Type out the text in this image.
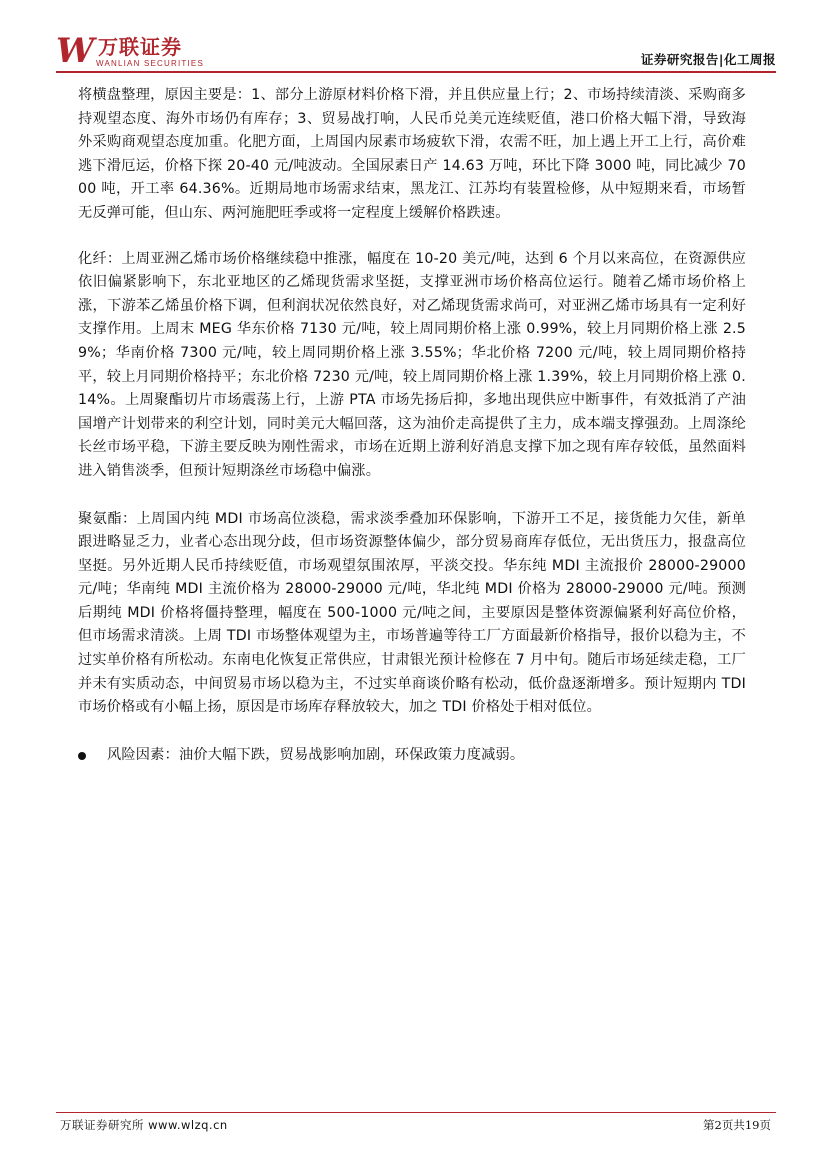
W 万联证券
WANLIAN SECURITIES	证券研究报告|化工周报

将横盘整理，原因主要是：1、部分上游原材料价格下滑，并且供应量上行；2、市场持续清淡、采购商多持观望态度、海外市场仍有库存；3、贸易战打响，人民币兑美元连续贬值，港口价格大幅下滑，导致海外采购商观望态度加重。化肥方面，上周国内尿素市场疲软下滑，农需不旺，加上遇上开工上行，高价难逃下滑厄运，价格下探 20-40 元/吨波动。全国尿素日产 14.63 万吨，环比下降 3000 吨，同比减少 7000 吨，开工率 64.36%。近期局地市场需求结束，黑龙江、江苏均有装置检修，从中短期来看，市场暂无反弹可能，但山东、两河施肥旺季或将一定程度上缓解价格跌速。

化纤：上周亚洲乙烯市场价格继续稳中推涨，幅度在 10-20 美元/吨，达到 6 个月以来高位，在资源供应依旧偏紧影响下，东北亚地区的乙烯现货需求坚挺，支撑亚洲市场价格高位运行。随着乙烯市场价格上涨，下游苯乙烯虽价格下调，但利润状况依然良好，对乙烯现货需求尚可，对亚洲乙烯市场具有一定利好支撑作用。上周末 MEG 华东价格 7130 元/吨，较上周同期价格上涨 0.99%，较上月同期价格上涨 2.59%；华南价格 7300 元/吨，较上周同期价格上涨 3.55%；华北价格 7200 元/吨，较上周同期价格持平，较上月同期价格持平；东北价格 7230 元/吨，较上周同期价格上涨 1.39%，较上月同期价格上涨 0.14%。上周聚酯切片市场震荡上行，上游 PTA 市场先扬后抑，多地出现供应中断事件，有效抵消了产油国增产计划带来的利空计划，同时美元大幅回落，这为油价走高提供了主力，成本端支撑强劲。上周涤纶长丝市场平稳，下游主要反映为刚性需求，市场在近期上游利好消息支撑下加之现有库存较低，虽然面料进入销售淡季，但预计短期涤丝市场稳中偏涨。

聚氨酯：上周国内纯 MDI 市场高位淡稳，需求淡季叠加环保影响，下游开工不足，接货能力欠佳，新单跟进略显乏力，业者心态出现分歧，但市场资源整体偏少，部分贸易商库存低位，无出货压力，报盘高位坚挺。另外近期人民币持续贬值，市场观望氛围浓厚，平淡交投。华东纯 MDI 主流报价 28000-29000 元/吨；华南纯 MDI 主流价格为 28000-29000 元/吨，华北纯 MDI 价格为 28000-29000 元/吨。预测后期纯 MDI 价格将僵持整理，幅度在 500-1000 元/吨之间，主要原因是整体资源偏紧利好高位价格，但市场需求清淡。上周 TDI 市场整体观望为主，市场普遍等待工厂方面最新价格指导，报价以稳为主，不过实单价格有所松动。东南电化恢复正常供应，甘肃银光预计检修在 7 月中旬。随后市场延续走稳，工厂并未有实质动态，中间贸易市场以稳为主，不过实单商谈价略有松动，低价盘逐渐增多。预计短期内 TDI 市场价格或有小幅上扬，原因是市场库存释放较大，加之 TDI 价格处于相对低位。

风险因素：油价大幅下跌，贸易战影响加剧，环保政策力度减弱。
万联证券研究所 www.wlzq.cn	第2页共19页
